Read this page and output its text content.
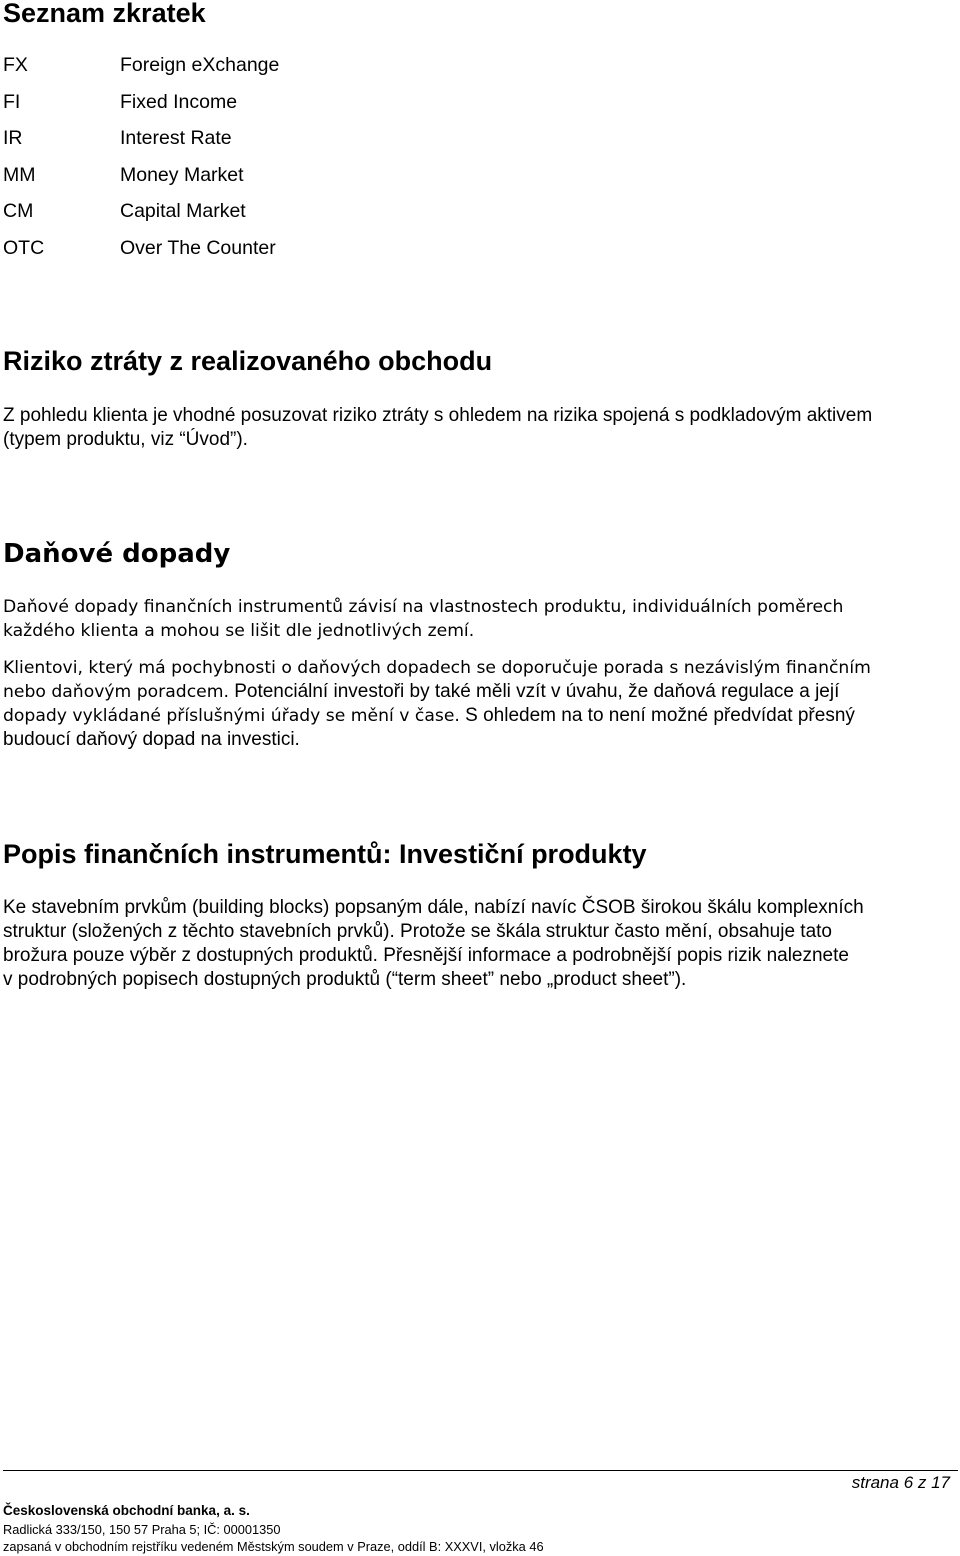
Seznam zkratek
FX	Foreign eXchange
FI	Fixed Income
IR	Interest Rate
MM	Money Market
CM	Capital Market
OTC	Over The Counter
Riziko ztráty z realizovaného obchodu

Z pohledu klienta je vhodné posuzovat riziko ztráty s ohledem na rizika spojená s podkladovým aktivem

(typem produktu, viz “Úvod”).

Daňové dopady

Daňové dopady finančních instrumentů závisí na vlastnostech produktu, individuálních poměrech

každého klienta a mohou se lišit dle jednotlivých zemí.

Klientovi, který má pochybnosti o daňových dopadech se doporučuje porada s nezávislým finančním

nebo daňovým poradcem. Potenciální investoři by také měli vzít v úvahu, že daňová regulace a její

dopady vykládané příslušnými úřady se mění v čase. S ohledem na to není možné předvídat přesný

budoucí daňový dopad na investici.

Popis finančních instrumentů: Investiční produkty

Ke stavebním prvkům (building blocks) popsaným dále, nabízí navíc ČSOB širokou škálu komplexních

struktur (složených z těchto stavebních prvků). Protože se škála struktur často mění, obsahuje tato

brožura pouze výběr z dostupných produktů. Přesnější informace a podrobnější popis rizik naleznete

v podrobných popisech dostupných produktů (“term sheet” nebo „product sheet”).

strana 6 z 17
Československá obchodní banka, a. s.
Radlická 333/150, 150 57 Praha 5; IČ: 00001350
zapsaná v obchodním rejstříku vedeném Městským soudem v Praze, oddíl B: XXXVI, vložka 46
